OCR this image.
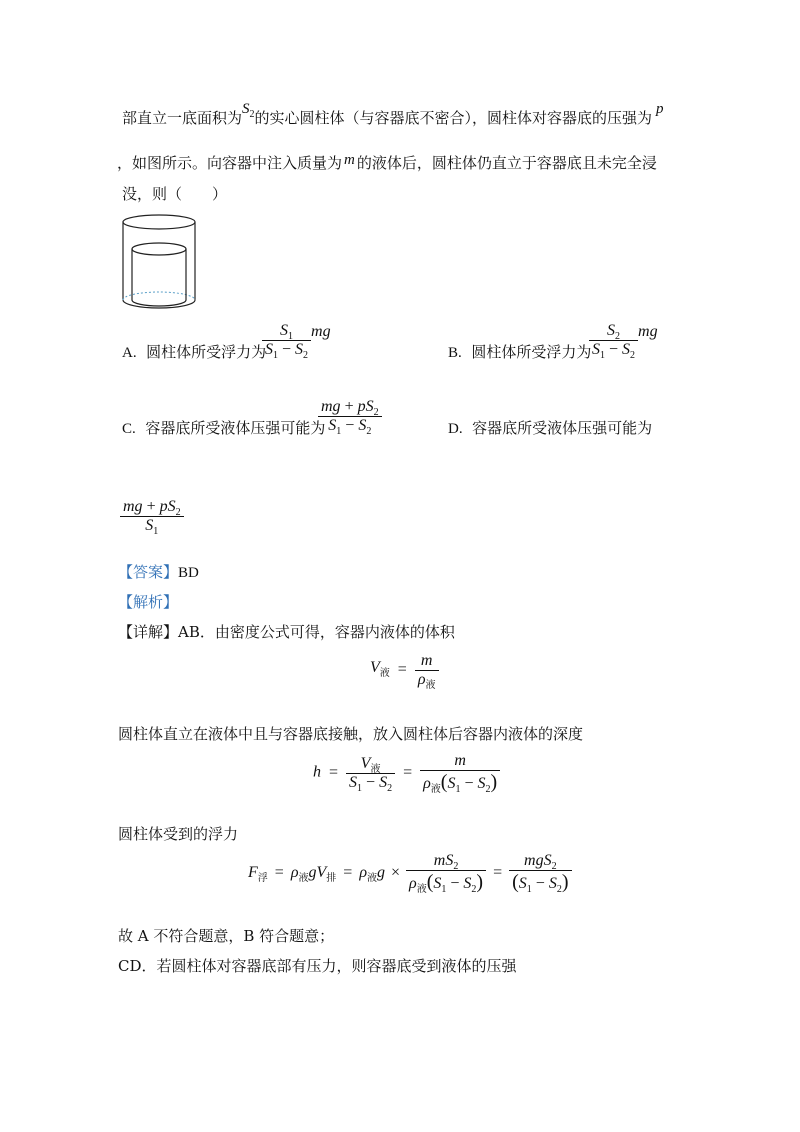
部直立一底面积为$S_2$的实心圆柱体（与容器底不密合），圆柱体对容器底的压强为 p
，如图所示。向容器中注入质量为 m 的液体后，圆柱体仍直立于容器底且未完全浸
没，则（　　）
A. 圆柱体所受浮力为
$\frac{S_1}{S_1 - S_2}$ mg
B. 圆柱体所受浮力为
$\frac{S_2}{S_1 - S_2}$ mg
C. 容器底所受液体压强可能为
$\frac{mg + pS_2}{S_1 - S_2}$	D. 容器底所受液体压强可能为
$\frac{mg + pS_2}{S_1}$
【答案】BD
【解析】
【详解】AB．由密度公式可得，容器内液体的体积
$V_液 = \frac{m}{\rho_液}$
圆柱体直立在液体中且与容器底接触，放入圆柱体后容器内液体的深度
$h = \frac{V_液}{S_1 - S_2} = \frac{m}{\rho_液(S_1 - S_2)}$
圆柱体受到的浮力
$F_浮 = \rho_液gV_排 = \rho_液g \times \frac{mS_2}{\rho_液(S_1 - S_2)} = \frac{mgS_2}{(S_1 - S_2)}$
故 A 不符合题意，B 符合题意；
CD．若圆柱体对容器底部有压力，则容器底受到液体的压强
